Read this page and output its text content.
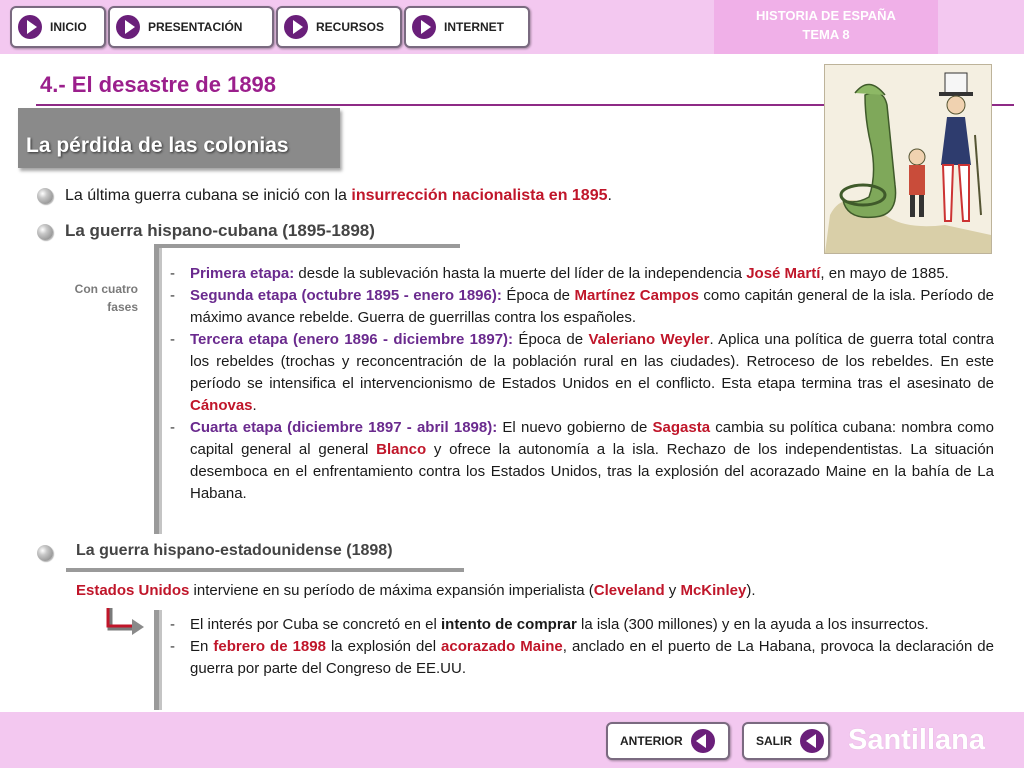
INICIO	PRESENTACIÓN	RECURSOS	INTERNET
HISTORIA DE ESPAÑA
TEMA 8
4.- El desastre de 1898
La pérdida de las colonias
La última guerra cubana se inició con la insurrección nacionalista en 1895.
La guerra hispano-cubana (1895-1898)
Con cuatro fases
- Primera etapa: desde la sublevación hasta la muerte del líder de la independencia José Martí, en mayo de 1885.
- Segunda etapa (octubre 1895 - enero 1896): Época de Martínez Campos como capitán general de la isla. Período de máximo avance rebelde. Guerra de guerrillas contra los españoles.
- Tercera etapa (enero 1896 - diciembre 1897): Época de Valeriano Weyler. Aplica una política de guerra total contra los rebeldes (trochas y reconcentración de la población rural en las ciudades). Retroceso de los rebeldes. En este período se intensifica el intervencionismo de Estados Unidos en el conflicto. Esta etapa termina tras el asesinato de Cánovas.
- Cuarta etapa (diciembre 1897 - abril 1898): El nuevo gobierno de Sagasta cambia su política cubana: nombra como capital general al general Blanco y ofrece la autonomía a la isla. Rechazo de los independentistas. La situación desemboca en el enfrentamiento contra los Estados Unidos, tras la explosión del acorazado Maine en la bahía de La Habana.
La guerra hispano-estadounidense (1898)
Estados Unidos interviene en su período de máxima expansión imperialista (Cleveland y McKinley).
- El interés por Cuba se concretó en el intento de comprar la isla (300 millones) y en la ayuda a los insurrectos.
- En febrero de 1898 la explosión del acorazado Maine, anclado en el puerto de La Habana, provoca la declaración de guerra por parte del Congreso de EE.UU.
ANTERIOR	SALIR Santillana
